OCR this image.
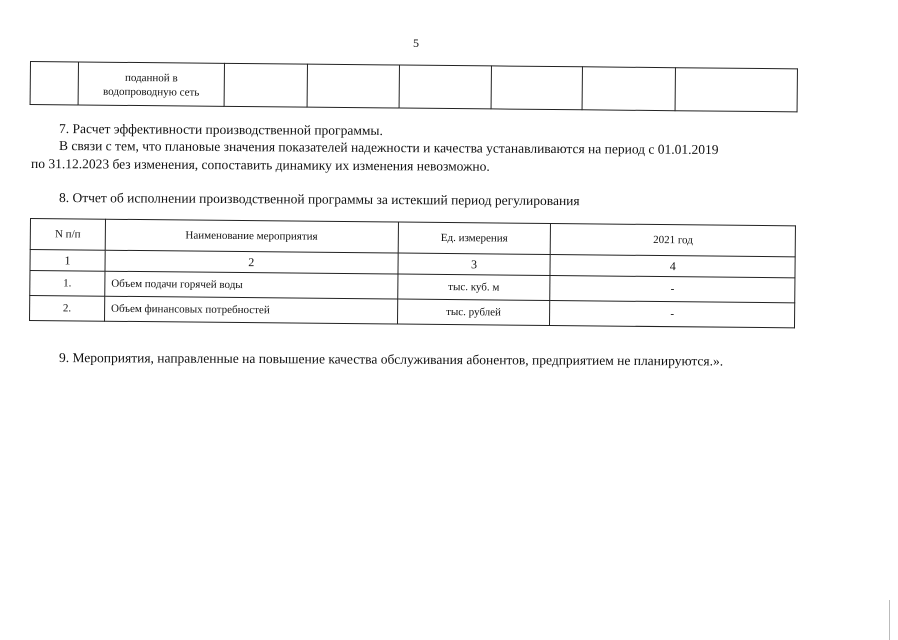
5

поданной в
водопроводную сеть

7. Расчет эффективности производственной программы.
В связи с тем, что плановые значения показателей надежности и качества устанавливаются на период с 01.01.2019
по 31.12.2023 без изменения, сопоставить динамику их изменения невозможно.
8. Отчет об исполнении производственной программы за истекший период регулирования
N п/п	Наименование мероприятия	Ед. измерения	2021 год
1	2	3	4
1.	Объем подачи горячей воды	тыс. куб. м	-
2.	Объем финансовых потребностей	тыс. рублей	-
9. Мероприятия, направленные на повышение качества обслуживания абонентов, предприятием не планируются.».
